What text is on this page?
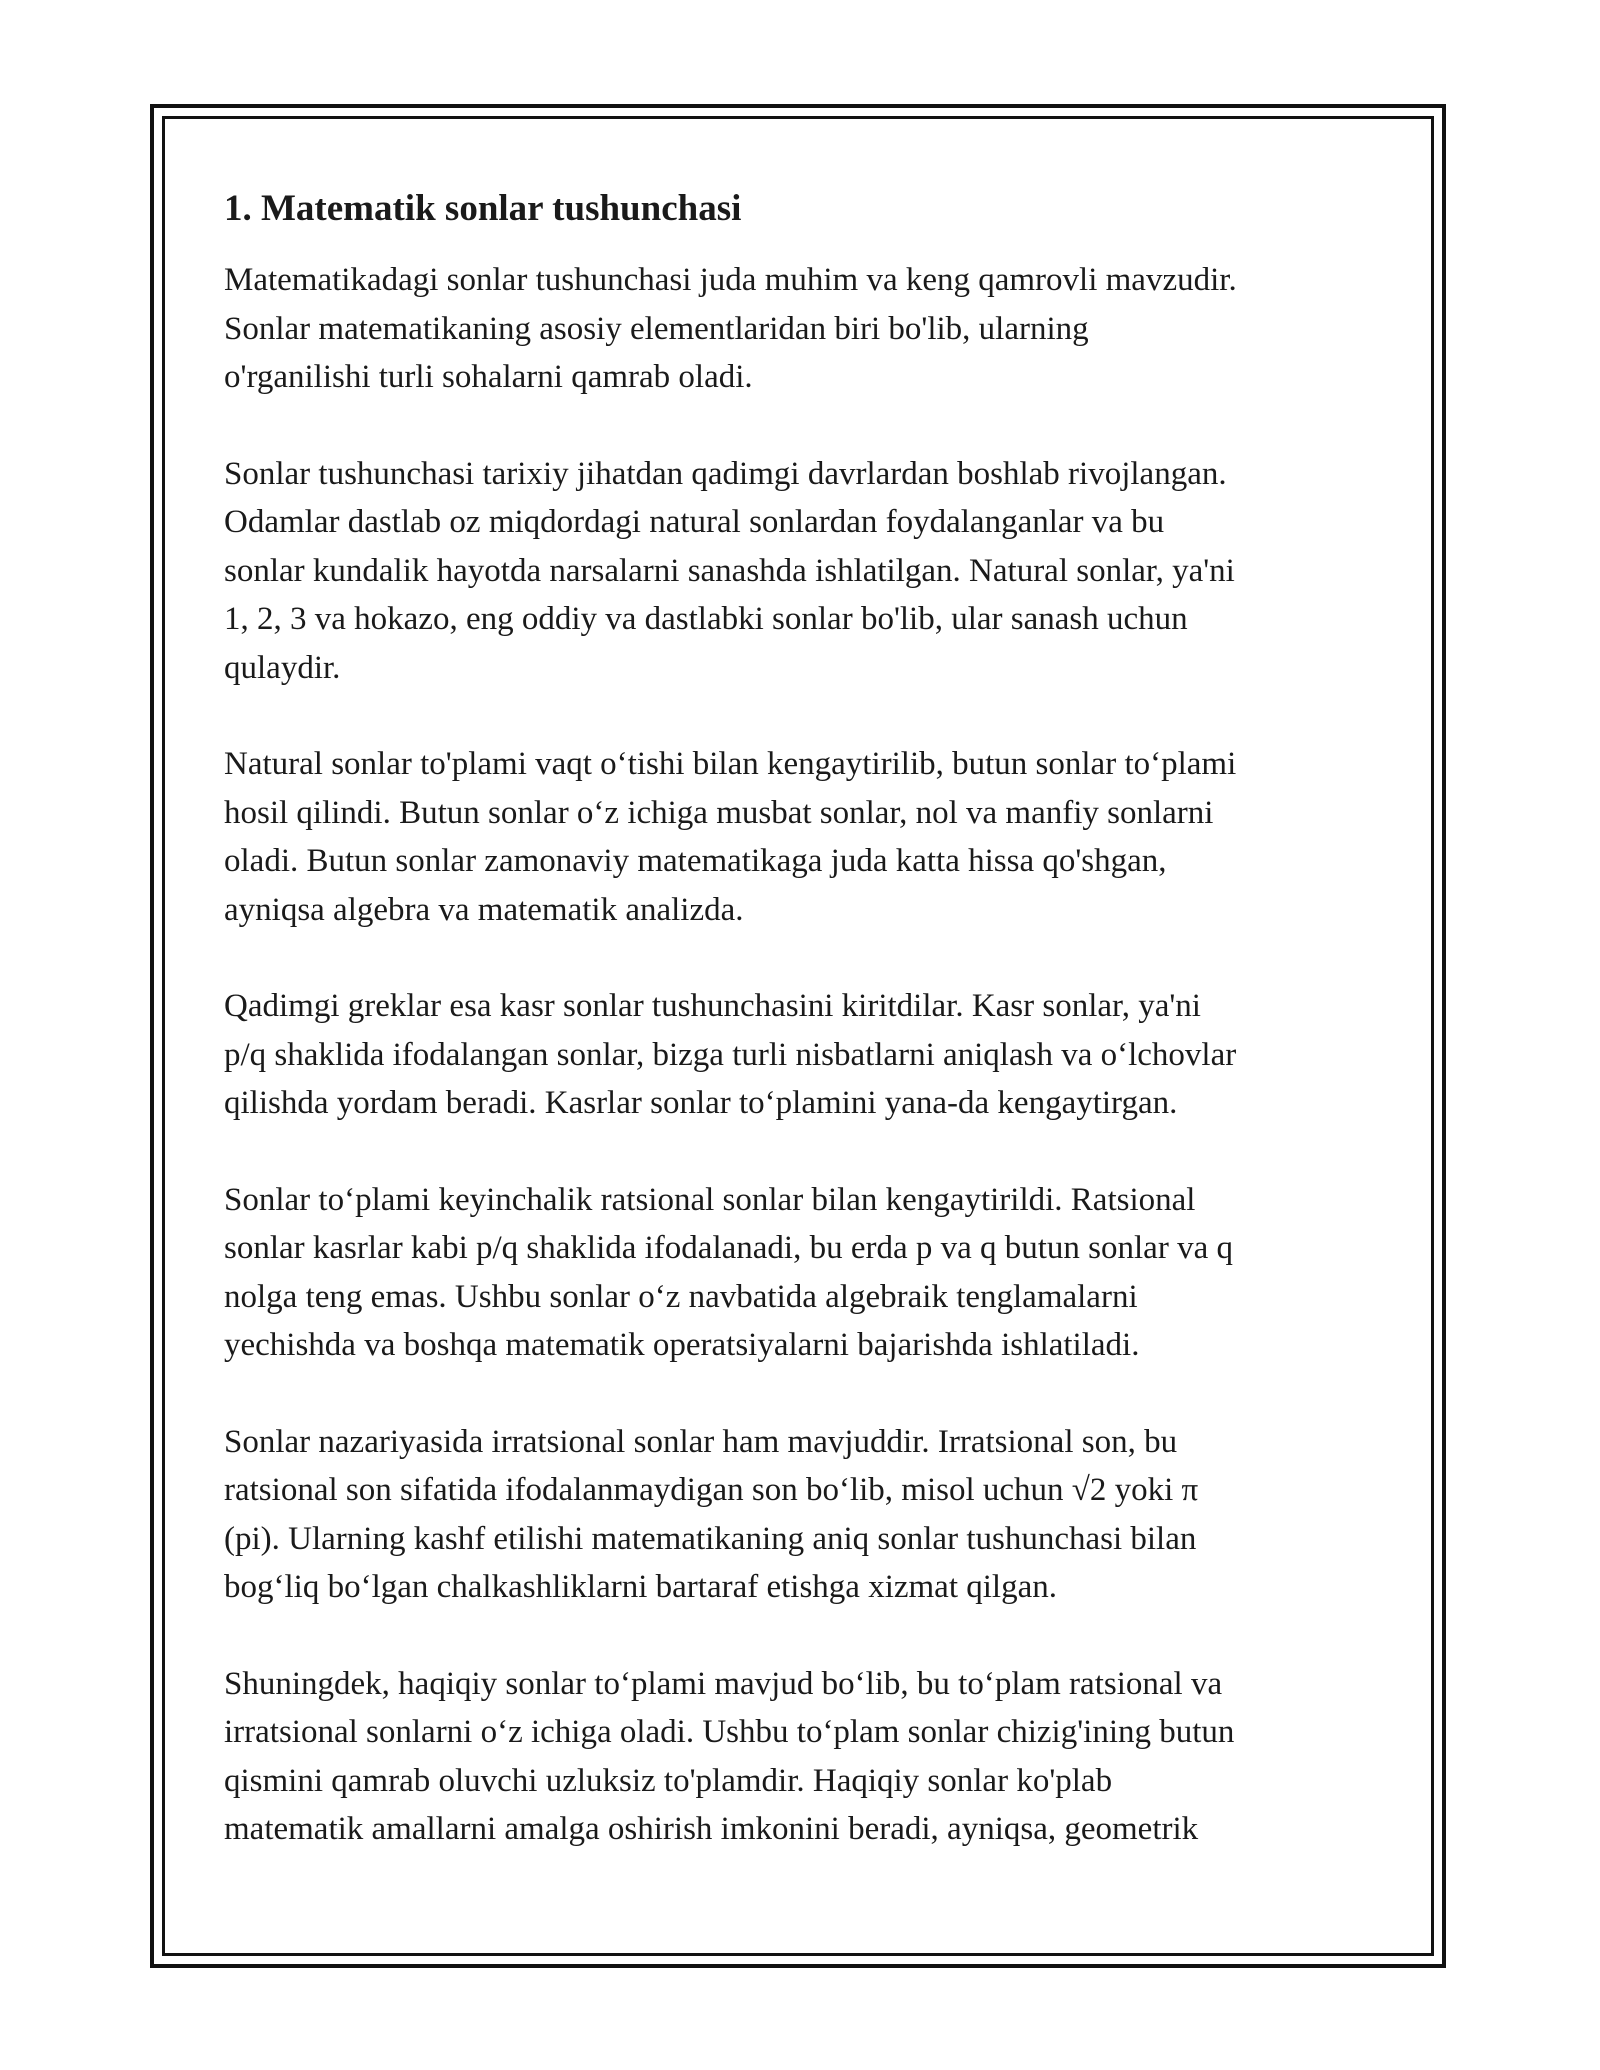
1. Matematik sonlar tushunchasi

Matematikadagi sonlar tushunchasi juda muhim va keng qamrovli mavzudir.
Sonlar matematikaning asosiy elementlaridan biri bo'lib, ularning
o'rganilishi turli sohalarni qamrab oladi.

Sonlar tushunchasi tarixiy jihatdan qadimgi davrlardan boshlab rivojlangan.
Odamlar dastlab oz miqdordagi natural sonlardan foydalanganlar va bu
sonlar kundalik hayotda narsalarni sanashda ishlatilgan. Natural sonlar, ya'ni
1, 2, 3 va hokazo, eng oddiy va dastlabki sonlar bo'lib, ular sanash uchun
qulaydir.

Natural sonlar to'plami vaqt o‘tishi bilan kengaytirilib, butun sonlar to‘plami
hosil qilindi. Butun sonlar o‘z ichiga musbat sonlar, nol va manfiy sonlarni
oladi. Butun sonlar zamonaviy matematikaga juda katta hissa qo'shgan,
ayniqsa algebra va matematik analizda.

Qadimgi greklar esa kasr sonlar tushunchasini kiritdilar. Kasr sonlar, ya'ni
p/q shaklida ifodalangan sonlar, bizga turli nisbatlarni aniqlash va o‘lchovlar
qilishda yordam beradi. Kasrlar sonlar to‘plamini yana-da kengaytirgan.

Sonlar to‘plami keyinchalik ratsional sonlar bilan kengaytirildi. Ratsional
sonlar kasrlar kabi p/q shaklida ifodalanadi, bu erda p va q butun sonlar va q
nolga teng emas. Ushbu sonlar o‘z navbatida algebraik tenglamalarni
yechishda va boshqa matematik operatsiyalarni bajarishda ishlatiladi.

Sonlar nazariyasida irratsional sonlar ham mavjuddir. Irratsional son, bu
ratsional son sifatida ifodalanmaydigan son bo‘lib, misol uchun √2 yoki π
(pi). Ularning kashf etilishi matematikaning aniq sonlar tushunchasi bilan
bog‘liq bo‘lgan chalkashliklarni bartaraf etishga xizmat qilgan.

Shuningdek, haqiqiy sonlar to‘plami mavjud bo‘lib, bu to‘plam ratsional va
irratsional sonlarni o‘z ichiga oladi. Ushbu to‘plam sonlar chizig'ining butun
qismini qamrab oluvchi uzluksiz to'plamdir. Haqiqiy sonlar ko'plab
matematik amallarni amalga oshirish imkonini beradi, ayniqsa, geometrik
